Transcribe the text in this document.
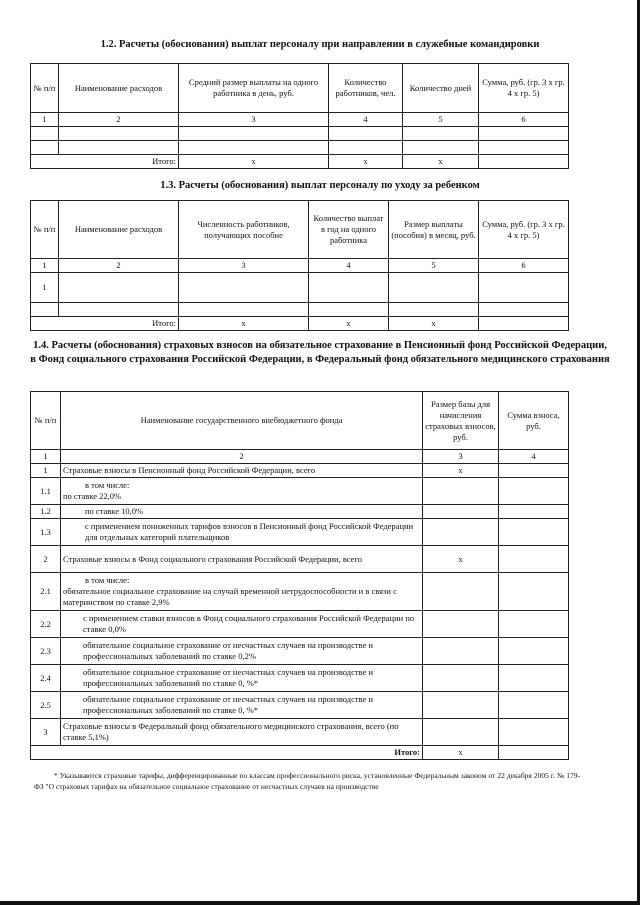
1.2. Расчеты (обоснования) выплат персоналу при направлении в служебные командировки
№ п/п	Наименование расходов	Средний размер выплаты на одного работника в день, руб.	Количество работников, чел.	Количество дней	Сумма, руб. (гр. 3 х гр. 4 х гр. 5)
1	2	3	4	5	6

	Итого:	x	x	x	
1.3. Расчеты (обоснования) выплат персоналу по уходу за ребенком
№ п/п	Наименование расходов	Численность работников, получающих пособие	Количество выплат в год на одного работника	Размер выплаты (пособия) в месяц, руб.	Сумма, руб. (гр. 3 х гр. 4 х гр. 5)
1	2	3	4	5	6
1					

	Итого:	x	x	x	
1.4. Расчеты (обоснования) страховых взносов на обязательное страхование в Пенсионный фонд Российской Федерации, в Фонд социального страхования Российской Федерации, в Федеральный фонд обязательного медицинского страхования
№ п/п	Наименование государственного внебюджетного фонда	Размер базы для начисления страховых взносов, руб.	Сумма взноса, руб.
1	2	3	4
1	Страховые взносы в Пенсионный фонд Российской Федерации, всего	x	
1.1	в том числе:
по ставке 22,0%		

1.2	по ставке 10,0%		
1.3	с применением пониженных тарифов взносов в Пенсионный фонд Российской Федерации для отдельных категорий плательщиков		
2	Страховые взносы в Фонд социального страхования Российской Федерации, всего	x	
2.1	в том числе:
обязательное социальное страхование на случай временной нетрудоспособности и в связи с материнством по ставке 2,9%		

2.2	с применением ставки взносов в Фонд социального страхования Российской Федерации по ставке 0,0%		
2.3	обязательное социальное страхование от несчастных случаев на производстве и профессиональных заболеваний по ставке 0,2%		
2.4	обязательное социальное страхование от несчастных случаев на производстве и профессиональных заболеваний по ставке 0, %*		
2.5	обязательное социальное страхование от несчастных случаев на производстве и профессиональных заболеваний по ставке 0, %*		
3	Страховые взносы в Федеральный фонд обязательного медицинского страхования, всего (по ставке 5,1%)		
	Итого:	x	
* Указываются страховые тарифы, дифференцированные по классам профессионального риска, установленные Федеральным законом от 22 декабря 2005 г. № 179-ФЗ "О страховых тарифах на обязательное социальное страхование от несчастных случаев на производстве
